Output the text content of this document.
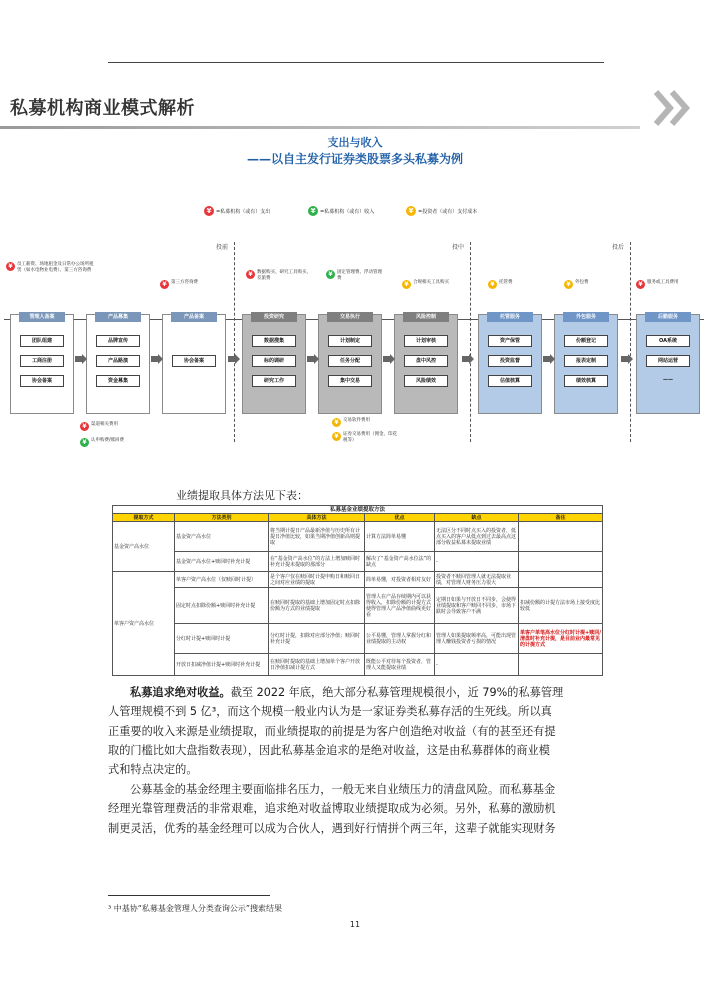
私募机构商业模式解析
支出与收入
——以自主发行证券类股票多头私募为例
¥ =私募机构（或有）支出	¥ =私募机构（或有）收入	¥ =投资者（或有）支付成本
投前	投中	投后
¥ 员工薪资、场地租金及日常办公场所租赁（如水电物业电费）、第三方咨询费
¥ 第三方咨询费
¥ 数据购买、研究工具购买、差旅费	¥ 固定管理费、浮动管理费
¥ 合规相关工具购买	¥ 托管费	¥ 外包费	¥ 服务或工具费用
管理人备案
团队组建
工商注册
协会备案
产品募集
品牌宣传
产品路演
资金募集
产品备案
协会备案
投资研究
数据搜集
标的调研
研究工作
交易执行
计划制定
任务分配
集中交易
风险控制
计划审核
盘中风控
风险绩效
托管服务
资产保管
投资监督
估值核算
外包服务
份额登记
报表定制
绩效核算
后勤服务
OA系统
网站运营
——
¥ 渠道相关费用
¥ 认申购费/赎回费
¥ 交易软件费用
¥ 证券交易费用（佣金、印花税等）
业绩提取具体方法见下表：
私募基金业绩提取方法					
提取方式	方法类别	具体方法	优点	缺点	备注
基金资产高水位	基金资产高水位	将当期计提日产品最新净值与历史所有计提日净值比较，如果当期净值创新高则提取	计算方法简单易懂	无法区分不同时点买入的投资者，低点买入的客户从低点到过去最高点这部分收益私募未提取业绩	
	基金资产高水位+赎回时补充计提	在“基金资产高水位”的方法上增加赎回时补充计提未提取的那部分	解决了“基金资产高水位法”的缺点	-	
单客户资产高水位	单客户资产高水位（仅赎回时计提）	是个客户仅在赎回时计提申购日和赎回日之间对应业绩的提取	简单易懂，对投资者相对友好	投资者不赎回管理人就无法提取业绩，对管理人财务压力很大	
	固定时点扣除份额+赎回时补充计提	在赎回时提取的基础上增加固定时点扣除份额为方式的业绩提取	管理人在产品存续期内可以获得收入，扣除份额的计提方式使得管理人产品净值曲线更好看	定期日如果与开放日不同步，会使得业绩提取和客户赎回不同步，市场下跌时会导致客户不满	扣减份额的计提方法市场上接受度比较低
	分红时计提+赎回时计提	分红时计提，扣除对应部分净值；赎回时补充计提	公平易懂，管理人掌握分红和业绩提取的主动权	管理人如果提取频率高，可能出现管理人赚钱投资者亏损的情况	单客户单笔高水位分红时计提+赎回/清盘时补充计提，是目前业内最常见的计提方式
	开放日扣减净值计提+赎回时补充计提	在赎回时提取的基础上增加单个客户开放日净值扣减计提方式	既能公平对待每个投资者，管理人又能提取业绩	-	
私募追求绝对收益。截至 2022 年底，绝大部分私募管理规模很小，近 79%的私募管理
人管理规模不到 5 亿³，而这个规模一般业内认为是一家证券类私募存活的生死线。所以真
正重要的收入来源是业绩提取，而业绩提取的前提是为客户创造绝对收益（有的甚至还有提
取的门槛比如大盘指数表现），因此私募基金追求的是绝对收益，这是由私募群体的商业模
式和特点决定的。
公募基金的基金经理主要面临排名压力，一般无来自业绩压力的清盘风险。而私募基金
经理光靠管理费活的非常艰难，追求绝对收益博取业绩提取成为必须。另外，私募的激励机
制更灵活，优秀的基金经理可以成为合伙人，遇到好行情拼个两三年，这辈子就能实现财务
³ 中基协“私募基金管理人分类查询公示”搜索结果
11
